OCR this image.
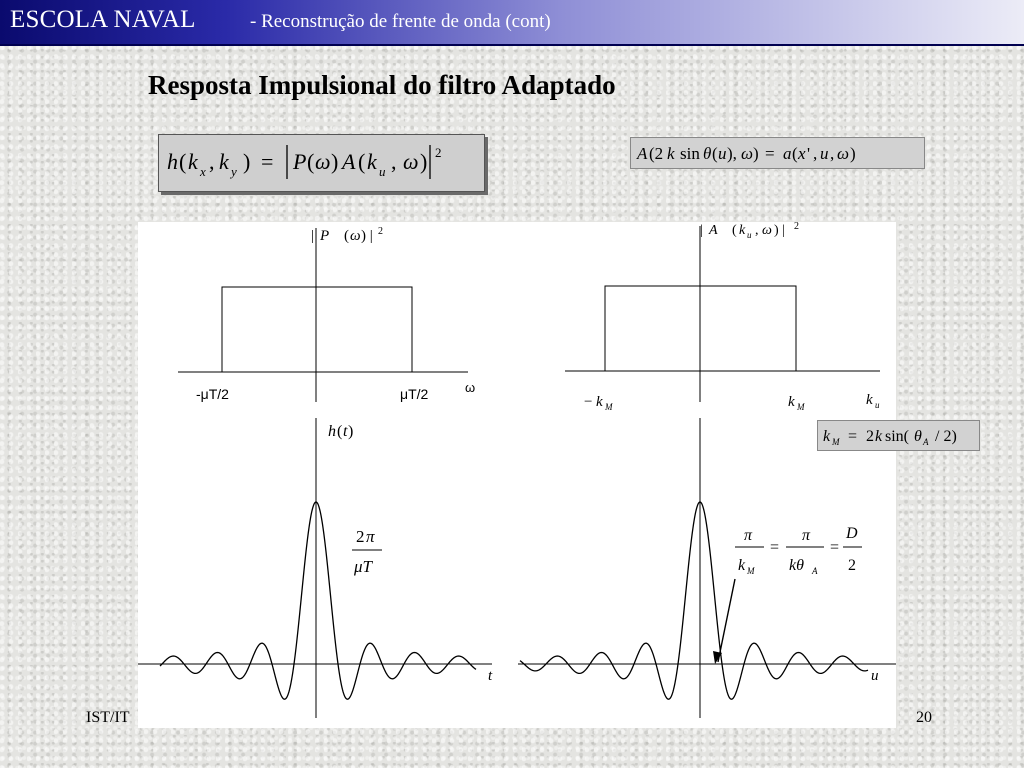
ESCOLA NAVAL	- Reconstrução de frente de onda (cont)
Resposta Impulsional do filtro Adaptado
h ( k x , k y ) = P ( ω ) A ( k u , ω ) 2	A (2 k sin θ ( u ), ω ) = a ( x ' , u , ω )
| P ( ω ) | 2
-μT/2	μT/2	ω
| A ( k u , ω ) | 2
− k M	k M	k u
h ( t )
t
2 π
μT
u
π
k M
=
π
kθ A
=
D
2
k M = 2 k sin( θ A / 2)
IST/IT	20
